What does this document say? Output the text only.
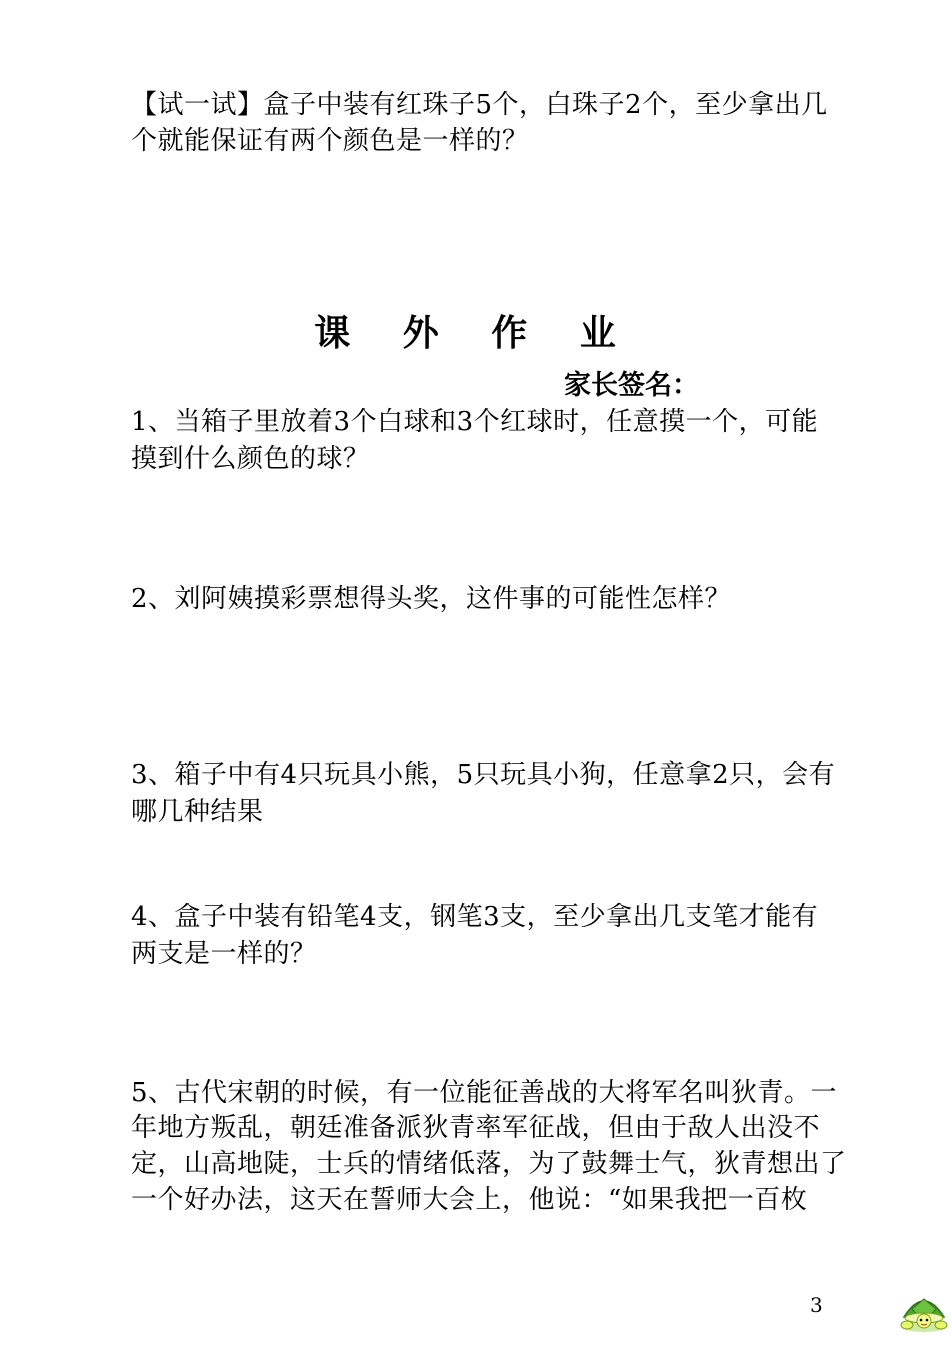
【试一试】盒子中装有红珠子5个，白珠子2个，至少拿出几
个就能保证有两个颜色是一样的？
课 外 作 业
家长签名：
1、当箱子里放着3个白球和3个红球时，任意摸一个，可能
摸到什么颜色的球？
2、刘阿姨摸彩票想得头奖，这件事的可能性怎样？
3、箱子中有4只玩具小熊，5只玩具小狗，任意拿2只，会有
哪几种结果
4、盒子中装有铅笔4支，钢笔3支，至少拿出几支笔才能有
两支是一样的？
5、古代宋朝的时候，有一位能征善战的大将军名叫狄青。一
年地方叛乱，朝廷准备派狄青率军征战，但由于敌人出没不
定，山高地陡，士兵的情绪低落，为了鼓舞士气，狄青想出了
一个好办法，这天在誓师大会上，他说：“如果我把一百枚
3
